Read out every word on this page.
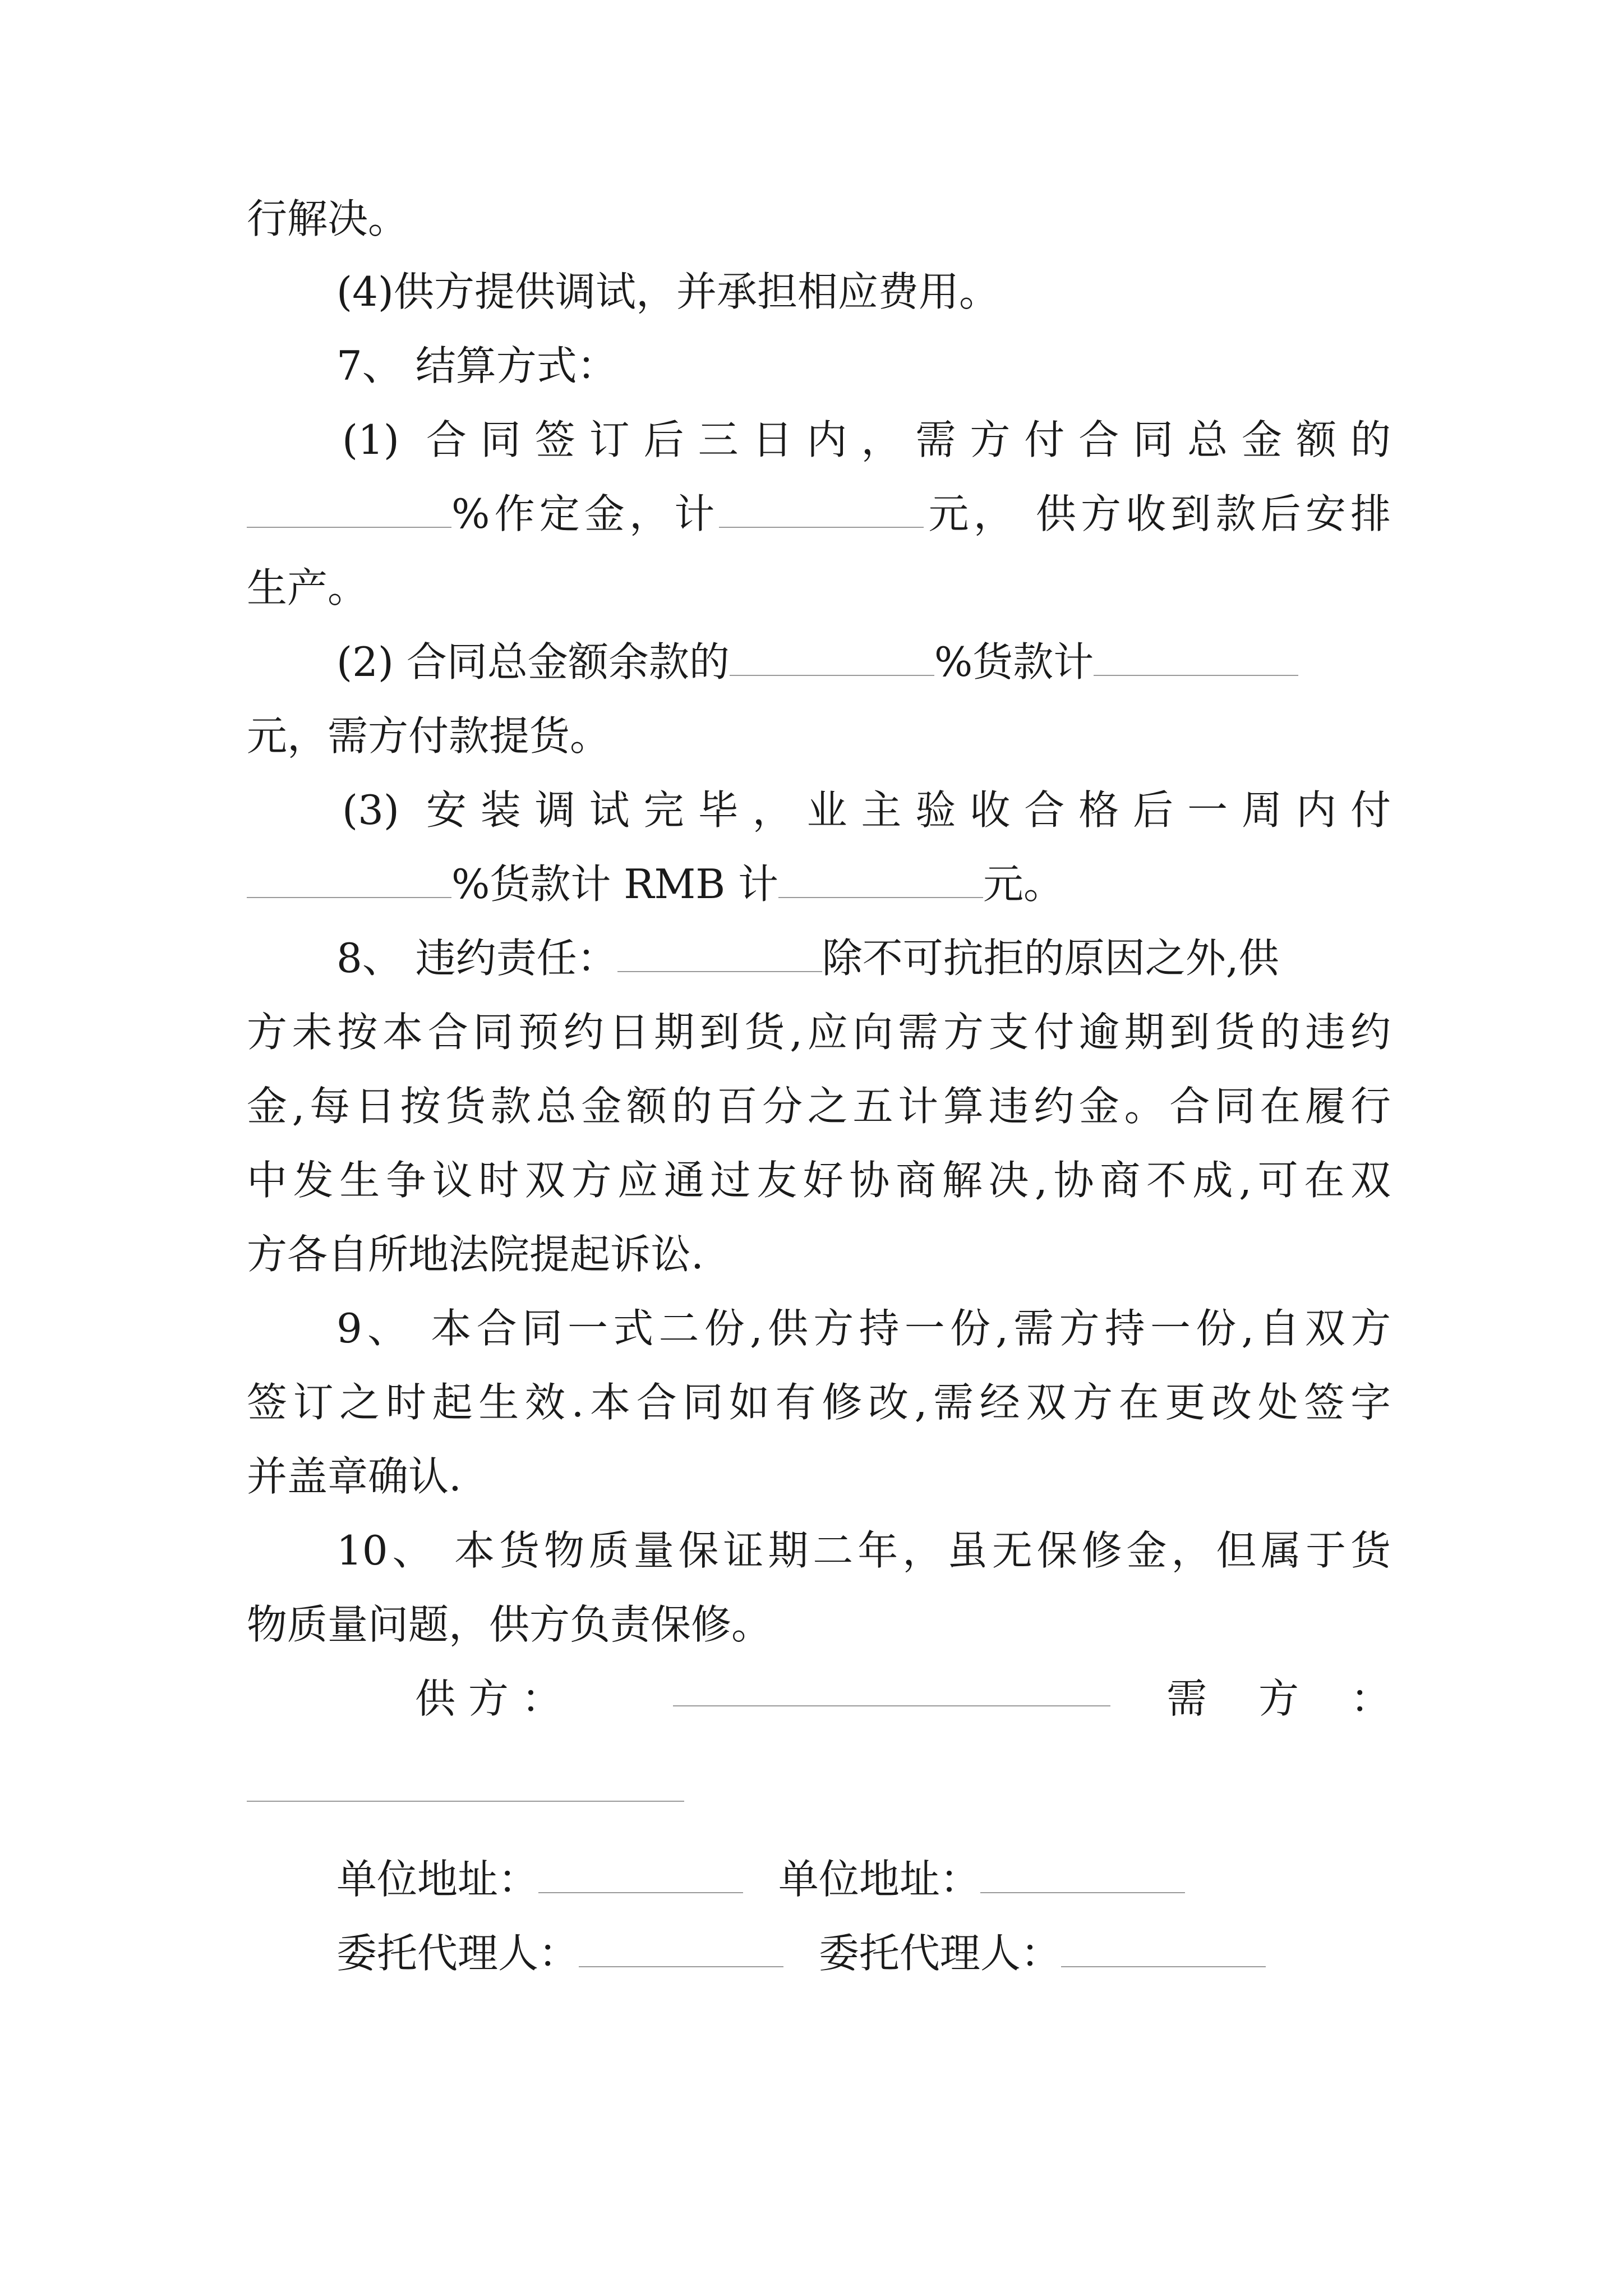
行解决。
(4)供方提供调试，并承担相应费用。
7、 结算方式：
(1) 合同签订后三日内，需方付合同总金额的
%作定金，计	元， 供方收到款后安排
生产。
(2) 合同总金额余款的	%货款计
元，需方付款提货。
(3) 安装调试完毕，业主验收合格后一周内付
%货款计 RMB 计	元。
8、 违约责任：	除不可抗拒的原因之外,供
方未按本合同预约日期到货,应向需方支付逾期到货的违约
金,每日按货款总金额的百分之五计算违约金。合同在履行
中发生争议时双方应通过友好协商解决,协商不成,可在双
方各自所地法院提起诉讼.
9、 本合同一式二份,供方持一份,需方持一份,自双方
签订之时起生效.本合同如有修改,需经双方在更改处签字
并盖章确认.
10、 本货物质量保证期二年，虽无保修金，但属于货
物质量问题，供方负责保修。
供 方 ：	需 方 ：
单位地址：	单位地址：
委托代理人：	委托代理人：
